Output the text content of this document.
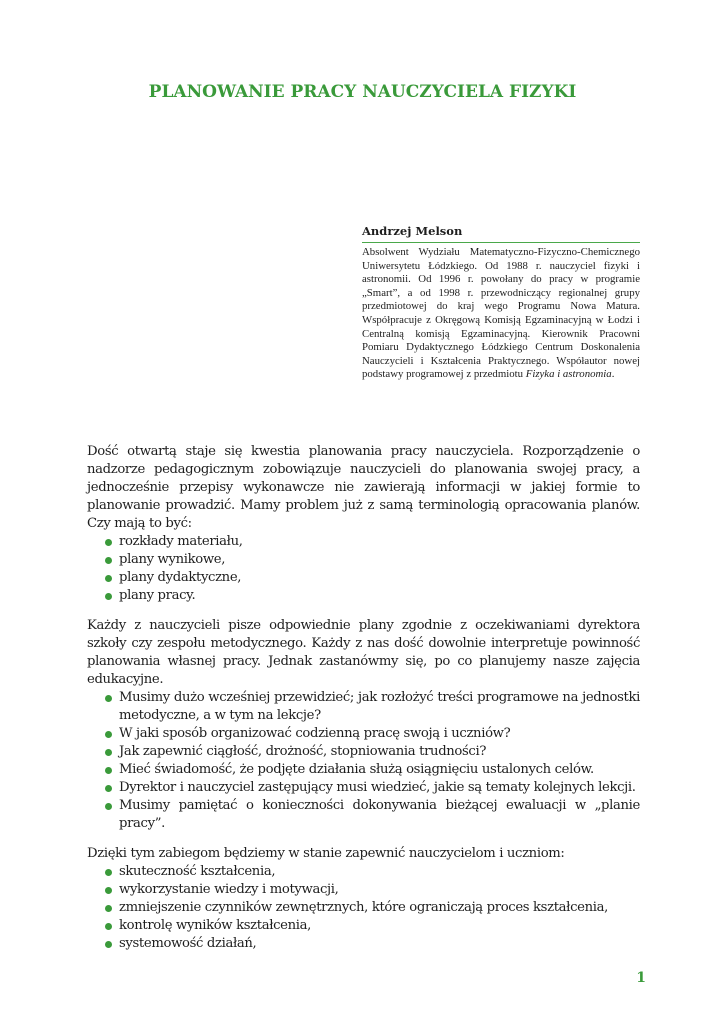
PLANOWANIE PRACY NAUCZYCIELA FIZYKI
Andrzej Melson

Absolwent Wydziału Matematyczno-Fizyczno-Chemicznego Uniwersytetu Łódzkiego. Od 1988 r. nauczyciel fizyki i astronomii. Od 1996 r. powołany do pracy w programie „Smart”, a od 1998 r. przewodniczący regionalnej grupy przedmiotowej do kraj wego Programu Nowa Matura. Współpracuje z Okręgową Komisją Egzaminacyjną w Łodzi i Centralną komisją Egzaminacyjną. Kierownik Pracowni Pomiaru Dydaktycznego Łódzkiego Centrum Doskonalenia Nauczycieli i Kształcenia Praktycznego. Współautor nowej podstawy programowej z przedmiotu Fizyka i astronomia.

Dość otwartą staje się kwestia planowania pracy nauczyciela. Rozporządzenie o nadzorze pedagogicznym zobowiązuje nauczycieli do planowania swojej pracy, a jednocześnie przepisy wykonawcze nie zawierają informacji w jakiej formie to planowanie prowadzić. Mamy problem już z samą terminologią opracowania planów. Czy mają to być:

rozkłady materiału,
plany wynikowe,
plany dydaktyczne,
plany pracy.

Każdy z nauczycieli pisze odpowiednie plany zgodnie z oczekiwaniami dyrektora szkoły czy zespołu metodycznego. Każdy z nas dość dowolnie interpretuje powinność planowania własnej pracy. Jednak zastanówmy się, po co planujemy nasze zajęcia edukacyjne.

Musimy dużo wcześniej przewidzieć; jak rozłożyć treści programowe na jednostki metodyczne, a w tym na lekcje?
W jaki sposób organizować codzienną pracę swoją i uczniów?
Jak zapewnić ciągłość, drożność, stopniowania trudności?
Mieć świadomość, że podjęte działania służą osiągnięciu ustalonych celów.
Dyrektor i nauczyciel zastępujący musi wiedzieć, jakie są tematy kolejnych lekcji.
Musimy pamiętać o konieczności dokonywania bieżącej ewaluacji w „planie pracy”.

Dzięki tym zabiegom będziemy w stanie zapewnić nauczycielom i uczniom:

skuteczność kształcenia,
wykorzystanie wiedzy i motywacji,
zmniejszenie czynników zewnętrznych, które ograniczają proces kształcenia,
kontrolę wyników kształcenia,
systemowość działań,
1
